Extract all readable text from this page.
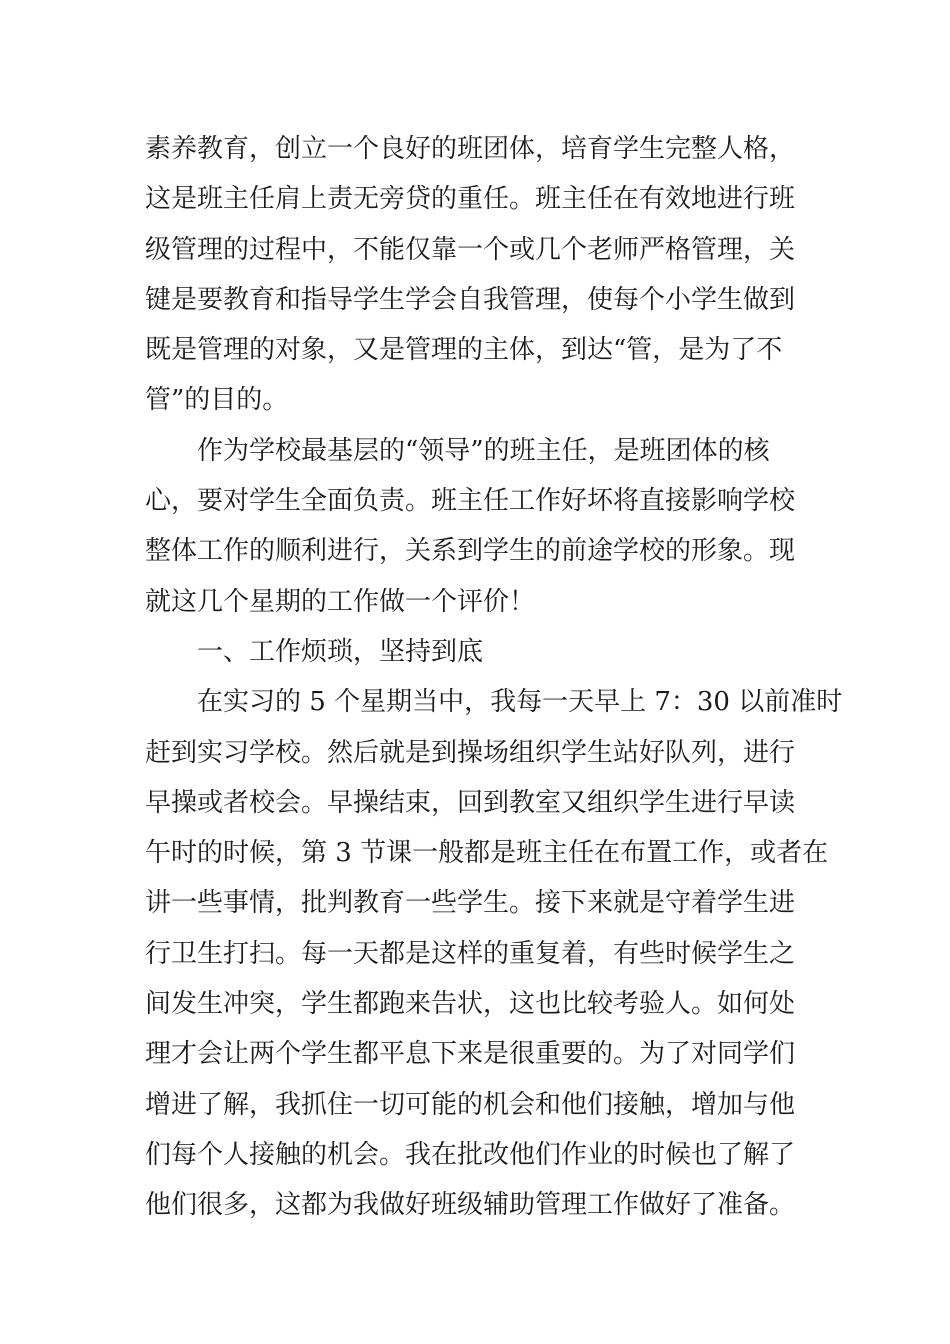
素养教育，创立一个良好的班团体，培育学生完整人格，
这是班主任肩上责无旁贷的重任。班主任在有效地进行班
级管理的过程中，不能仅靠一个或几个老师严格管理，关
键是要教育和指导学生学会自我管理，使每个小学生做到
既是管理的对象，又是管理的主体，到达“管，是为了不
管”的目的。
作为学校最基层的“领导”的班主任，是班团体的核
心，要对学生全面负责。班主任工作好坏将直接影响学校
整体工作的顺利进行，关系到学生的前途学校的形象。现
就这几个星期的工作做一个评价！
一、工作烦琐，坚持到底
在实习的 5 个星期当中，我每一天早上 7：30 以前准时
赶到实习学校。然后就是到操场组织学生站好队列，进行
早操或者校会。早操结束，回到教室又组织学生进行早读
午时的时候，第 3 节课一般都是班主任在布置工作，或者在
讲一些事情，批判教育一些学生。接下来就是守着学生进
行卫生打扫。每一天都是这样的重复着，有些时候学生之
间发生冲突，学生都跑来告状，这也比较考验人。如何处
理才会让两个学生都平息下来是很重要的。为了对同学们
增进了解，我抓住一切可能的机会和他们接触，增加与他
们每个人接触的机会。我在批改他们作业的时候也了解了
他们很多，这都为我做好班级辅助管理工作做好了准备。
